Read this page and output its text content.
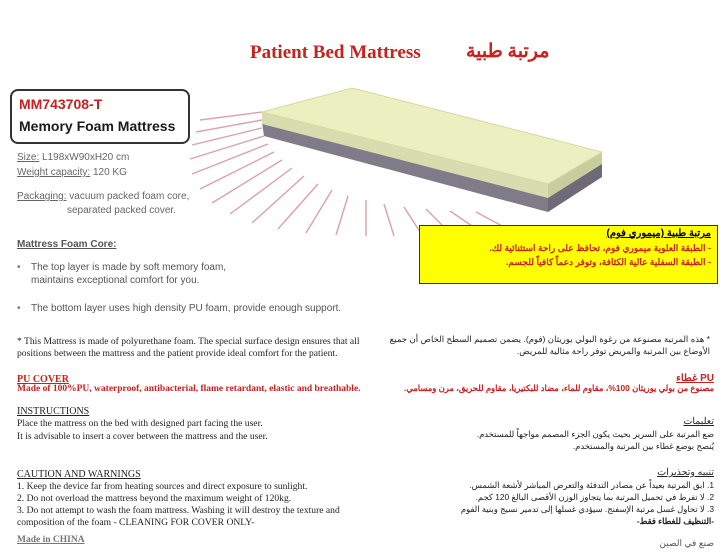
Patient Bed Mattress مرتبة طبية
MM743708-T
Memory Foam Mattress
Size: L198xW90xH20 cm
Weight capacity: 120 KG
Packaging: vacuum packed foam core,
separated packed cover.
Mattress Foam Core:
• The top layer is made by soft memory foam,
maintains exceptional comfort for you.
• The bottom layer uses high density PU foam, provide enough support.
مرتبة طبية (ميموري فوم)
- الطبقة العلوية ميموري فوم، تحافظ على راحة استثنائية لك.
- الطبقة السفلية عالية الكثافة، وتوفر دعماً كافياً للجسم.
* This Mattress is made of polyurethane foam. The special surface design ensures that all
positions between the mattress and the patient provide ideal comfort for the patient.
* هذه المرتبة مصنوعة من رغوة البولي يوريثان (فوم). يضمن تصميم السطح الخاص أن جميع
الأوضاع بين المرتبة والمريض توفر راحة مثالية للمريض.
PU COVER
Made of 100%PU, waterproof, antibacterial, flame retardant, elastic and breathable.
غطاء PU
مصنوع من بولي يوريثان 100%، مقاوم للماء، مضاد للبكتيريا، مقاوم للحريق، مرن ومسامي.
INSTRUCTIONS
Place the mattress on the bed with designed part facing the user.
It is advisable to insert a cover between the mattress and the user.
تعليمات
ضع المرتبة على السرير بحيث يكون الجزء المصمم مواجهاً للمستخدم.
يُنصح بوضع غطاء بين المرتبة والمستخدم.
CAUTION AND WARNINGS
1. Keep the device far from heating sources and direct exposure to sunlight.
2. Do not overload the mattress beyond the maximum weight of 120kg.
3. Do not attempt to wash the foam mattress. Washing it will destroy the texture and
composition of the foam - CLEANING FOR COVER ONLY-
تنبيه وتحذيرات
1. ابق المرتبة بعيداً عن مصادر التدفئة والتعرض المباشر لأشعة الشمس.
2. لا تفرط في تحميل المرتبة بما يتجاوز الوزن الأقصى البالغ 120 كجم.
3. لا تحاول غسل مرتبة الإسفنج. سيؤدي غسلها إلى تدمير نسيج وبنية الفوم
-التنظيف للغطاء فقط-
Made in CHINA	صنع في الصين
